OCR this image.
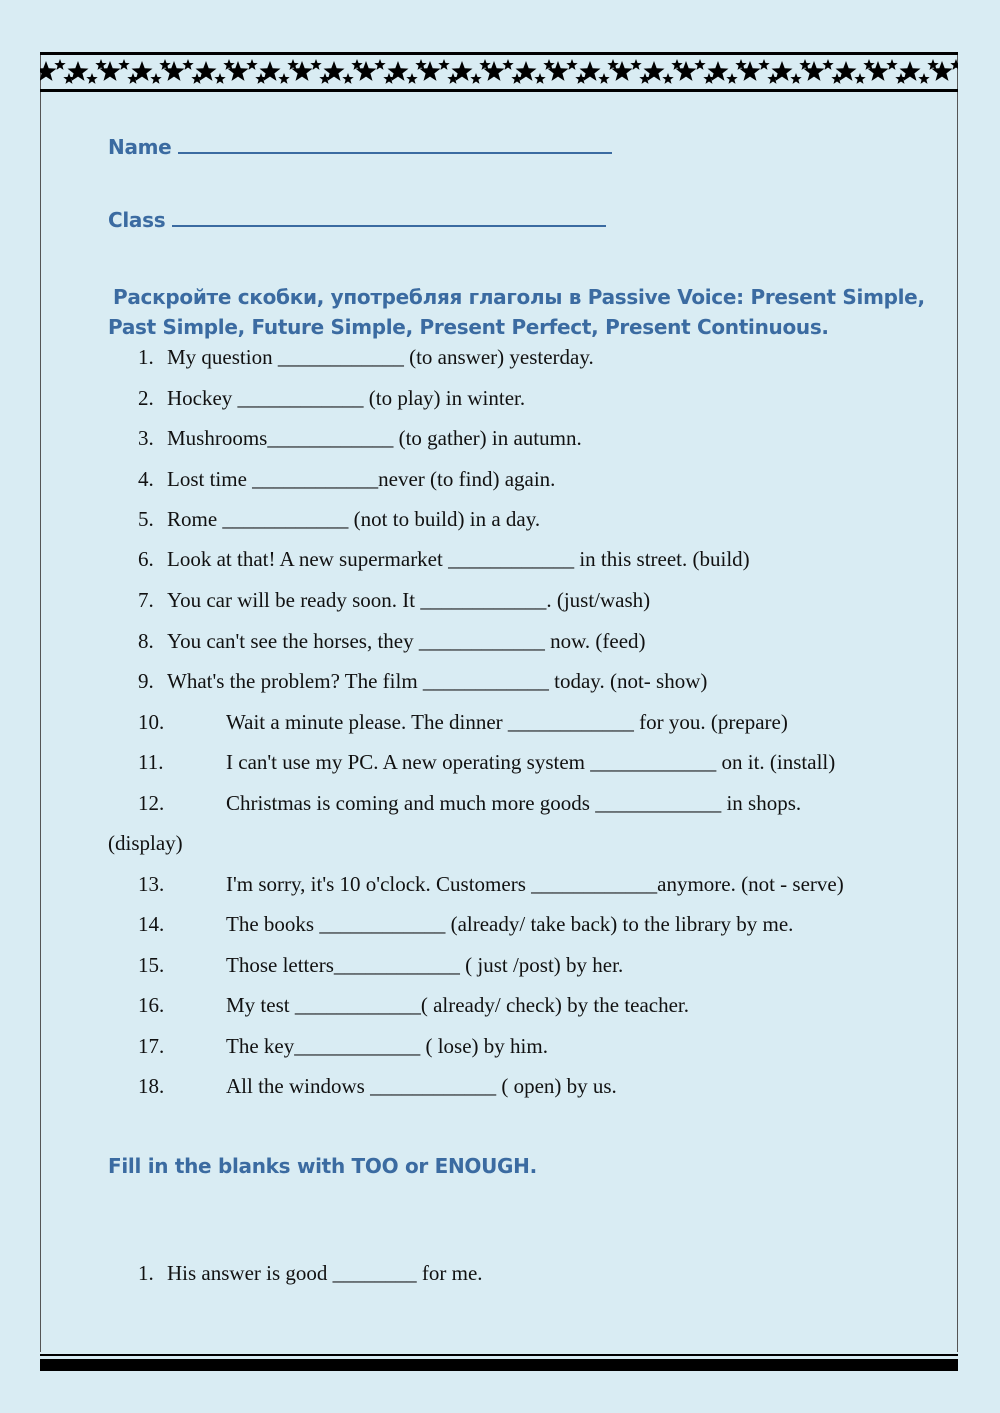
Name
Class
Раскройте скобки, употребляя глаголы в Passive Voice: Present Simple,
Past Simple, Future Simple, Present Perfect, Present Continuous.
1. My question ____________ (to answer) yesterday.
2. Hockey ____________ (to play) in winter.
3. Mushrooms____________ (to gather) in autumn.
4. Lost time ____________never (to find) again.
5. Rome ____________ (not to build) in a day.
6. Look at that! A new supermarket ____________ in this street. (build)
7. You car will be ready soon. It ____________. (just/wash)
8. You can't see the horses, they ____________ now. (feed)
9. What's the problem? The film ____________ today. (not- show)
10.	Wait a minute please. The dinner ____________ for you. (prepare)
11.	I can't use my PC. A new operating system ____________ on it. (install)
12.	Christmas is coming and much more goods ____________ in shops.
(display)
13.	I'm sorry, it's 10 o'clock. Customers ____________anymore. (not - serve)
14.	The books ____________ (already/ take back) to the library by me.
15.	Those letters____________ ( just /post) by her.
16.	My test ____________( already/ check) by the teacher.
17.	The key____________ ( lose) by him.
18.	All the windows ____________ ( open) by us.
Fill in the blanks with TOO or ENOUGH.
1. His answer is good ________ for me.
